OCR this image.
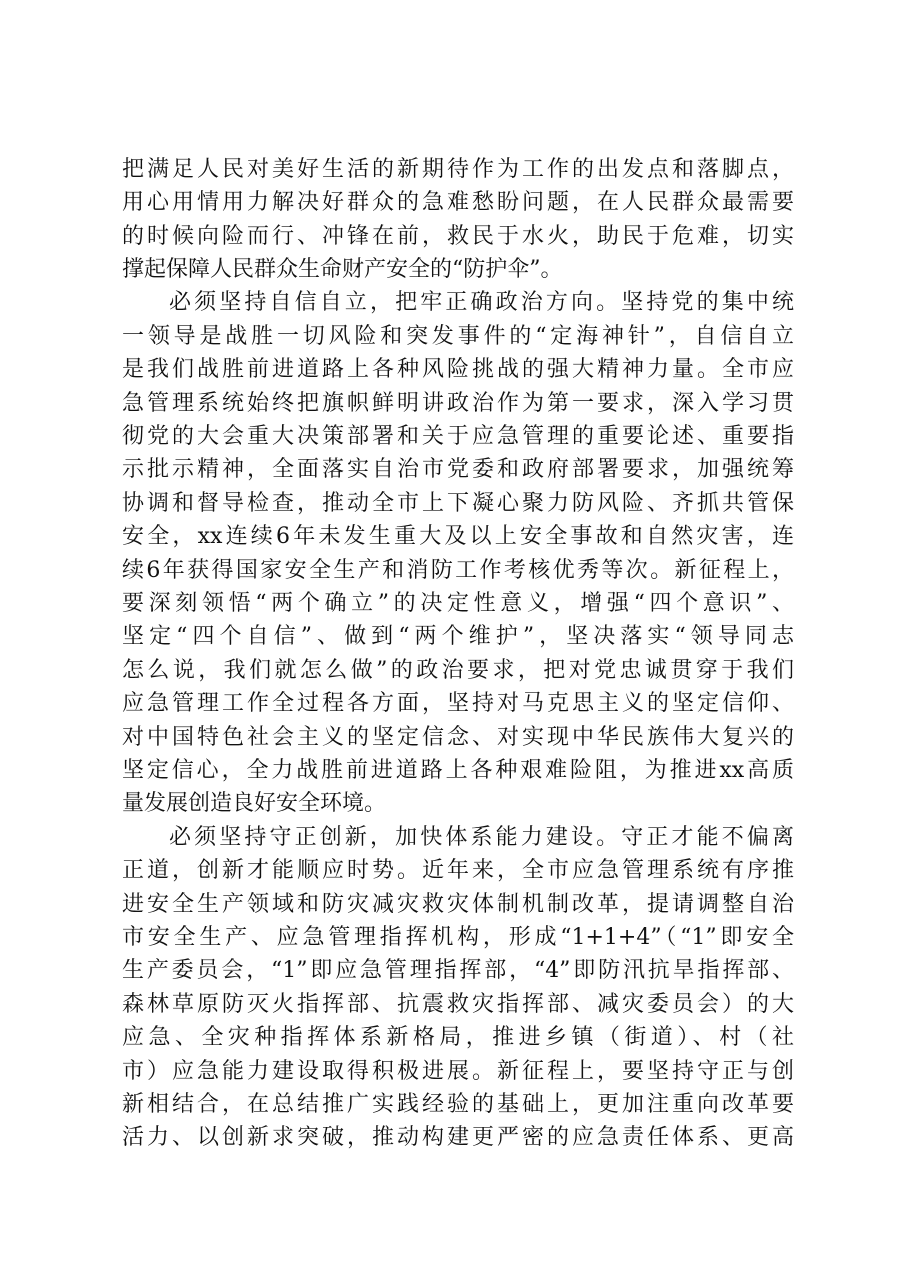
把满足人民对美好生活的新期待作为工作的出发点和落脚点，
用心用情用力解决好群众的急难愁盼问题，在人民群众最需要
的时候向险而行、冲锋在前，救民于水火，助民于危难，切实
撑起保障人民群众生命财产安全的“防护伞”。
必须坚持自信自立，把牢正确政治方向。坚持党的集中统
一领导是战胜一切风险和突发事件的“定海神针”，自信自立
是我们战胜前进道路上各种风险挑战的强大精神力量。全市应
急管理系统始终把旗帜鲜明讲政治作为第一要求，深入学习贯
彻党的大会重大决策部署和关于应急管理的重要论述、重要指
示批示精神，全面落实自治市党委和政府部署要求，加强统筹
协调和督导检查，推动全市上下凝心聚力防风险、齐抓共管保
安全，xx连续6年未发生重大及以上安全事故和自然灾害，连
续6年获得国家安全生产和消防工作考核优秀等次。新征程上，
要深刻领悟“两个确立”的决定性意义，增强“四个意识”、
坚定“四个自信”、做到“两个维护”，坚决落实“领导同志
怎么说，我们就怎么做”的政治要求，把对党忠诚贯穿于我们
应急管理工作全过程各方面，坚持对马克思主义的坚定信仰、
对中国特色社会主义的坚定信念、对实现中华民族伟大复兴的
坚定信心，全力战胜前进道路上各种艰难险阻，为推进xx高质
量发展创造良好安全环境。
必须坚持守正创新，加快体系能力建设。守正才能不偏离
正道，创新才能顺应时势。近年来，全市应急管理系统有序推
进安全生产领域和防灾减灾救灾体制机制改革，提请调整自治
市安全生产、应急管理指挥机构，形成“1+1+4”（“1”即安全
生产委员会，“1”即应急管理指挥部，“4”即防汛抗旱指挥部、
森林草原防灭火指挥部、抗震救灾指挥部、减灾委员会）的大
应急、全灾种指挥体系新格局，推进乡镇（街道）、村（社
市）应急能力建设取得积极进展。新征程上，要坚持守正与创
新相结合，在总结推广实践经验的基础上，更加注重向改革要
活力、以创新求突破，推动构建更严密的应急责任体系、更高
